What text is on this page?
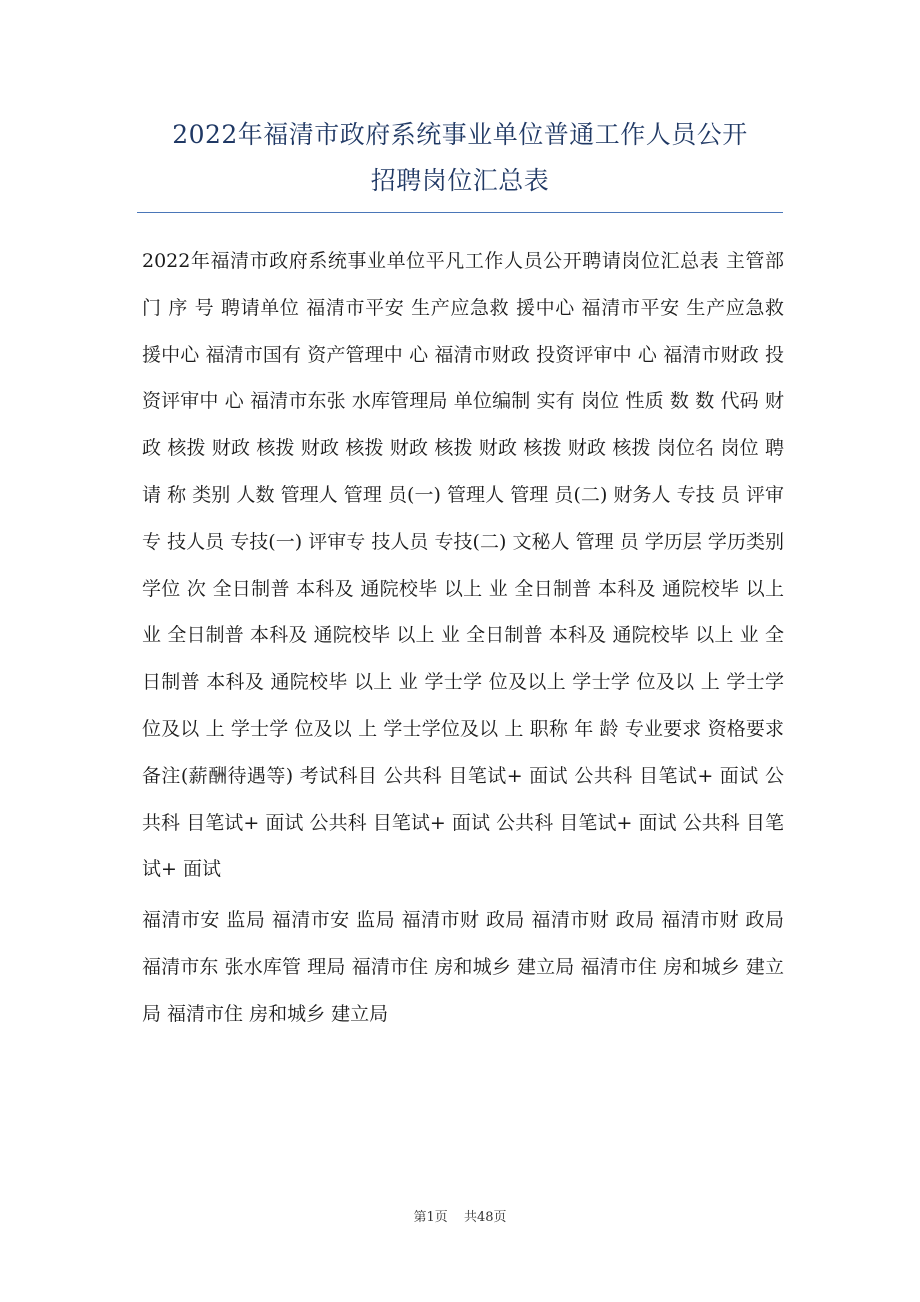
2022年福清市政府系统事业单位普通工作人员公开
招聘岗位汇总表

2022年福清市政府系统事业单位平凡工作人员公开聘请岗位汇总表 主管部门 序 号 聘请单位 福清市平安 生产应急救 援中心 福清市平安 生产应急救 援中心 福清市国有 资产管理中 心 福清市财政 投资评审中 心 福清市财政 投资评审中 心 福清市东张 水库管理局 单位编制 实有 岗位 性质 数 数 代码 财政 核拨 财政 核拨 财政 核拨 财政 核拨 财政 核拨 财政 核拨 岗位名 岗位 聘请 称 类别 人数 管理人 管理 员(一) 管理人 管理 员(二) 财务人 专技 员 评审专 技人员 专技(一) 评审专 技人员 专技(二) 文秘人 管理 员 学历层 学历类别 学位 次 全日制普 本科及 通院校毕 以上 业 全日制普 本科及 通院校毕 以上 业 全日制普 本科及 通院校毕 以上 业 全日制普 本科及 通院校毕 以上 业 全日制普 本科及 通院校毕 以上 业 学士学 位及以上 学士学 位及以 上 学士学 位及以 上 学士学 位及以 上 学士学位及以 上 职称 年 龄 专业要求 资格要求 备注(薪酬待遇等) 考试科目 公共科 目笔试+ 面试 公共科 目笔试+ 面试 公共科 目笔试+ 面试 公共科 目笔试+ 面试 公共科 目笔试+ 面试 公共科 目笔试+ 面试

福清市安 监局 福清市安 监局 福清市财 政局 福清市财 政局 福清市财 政局 福清市东 张水库管 理局 福清市住 房和城乡 建立局 福清市住 房和城乡 建立局 福清市住 房和城乡 建立局

第1页 共48页
